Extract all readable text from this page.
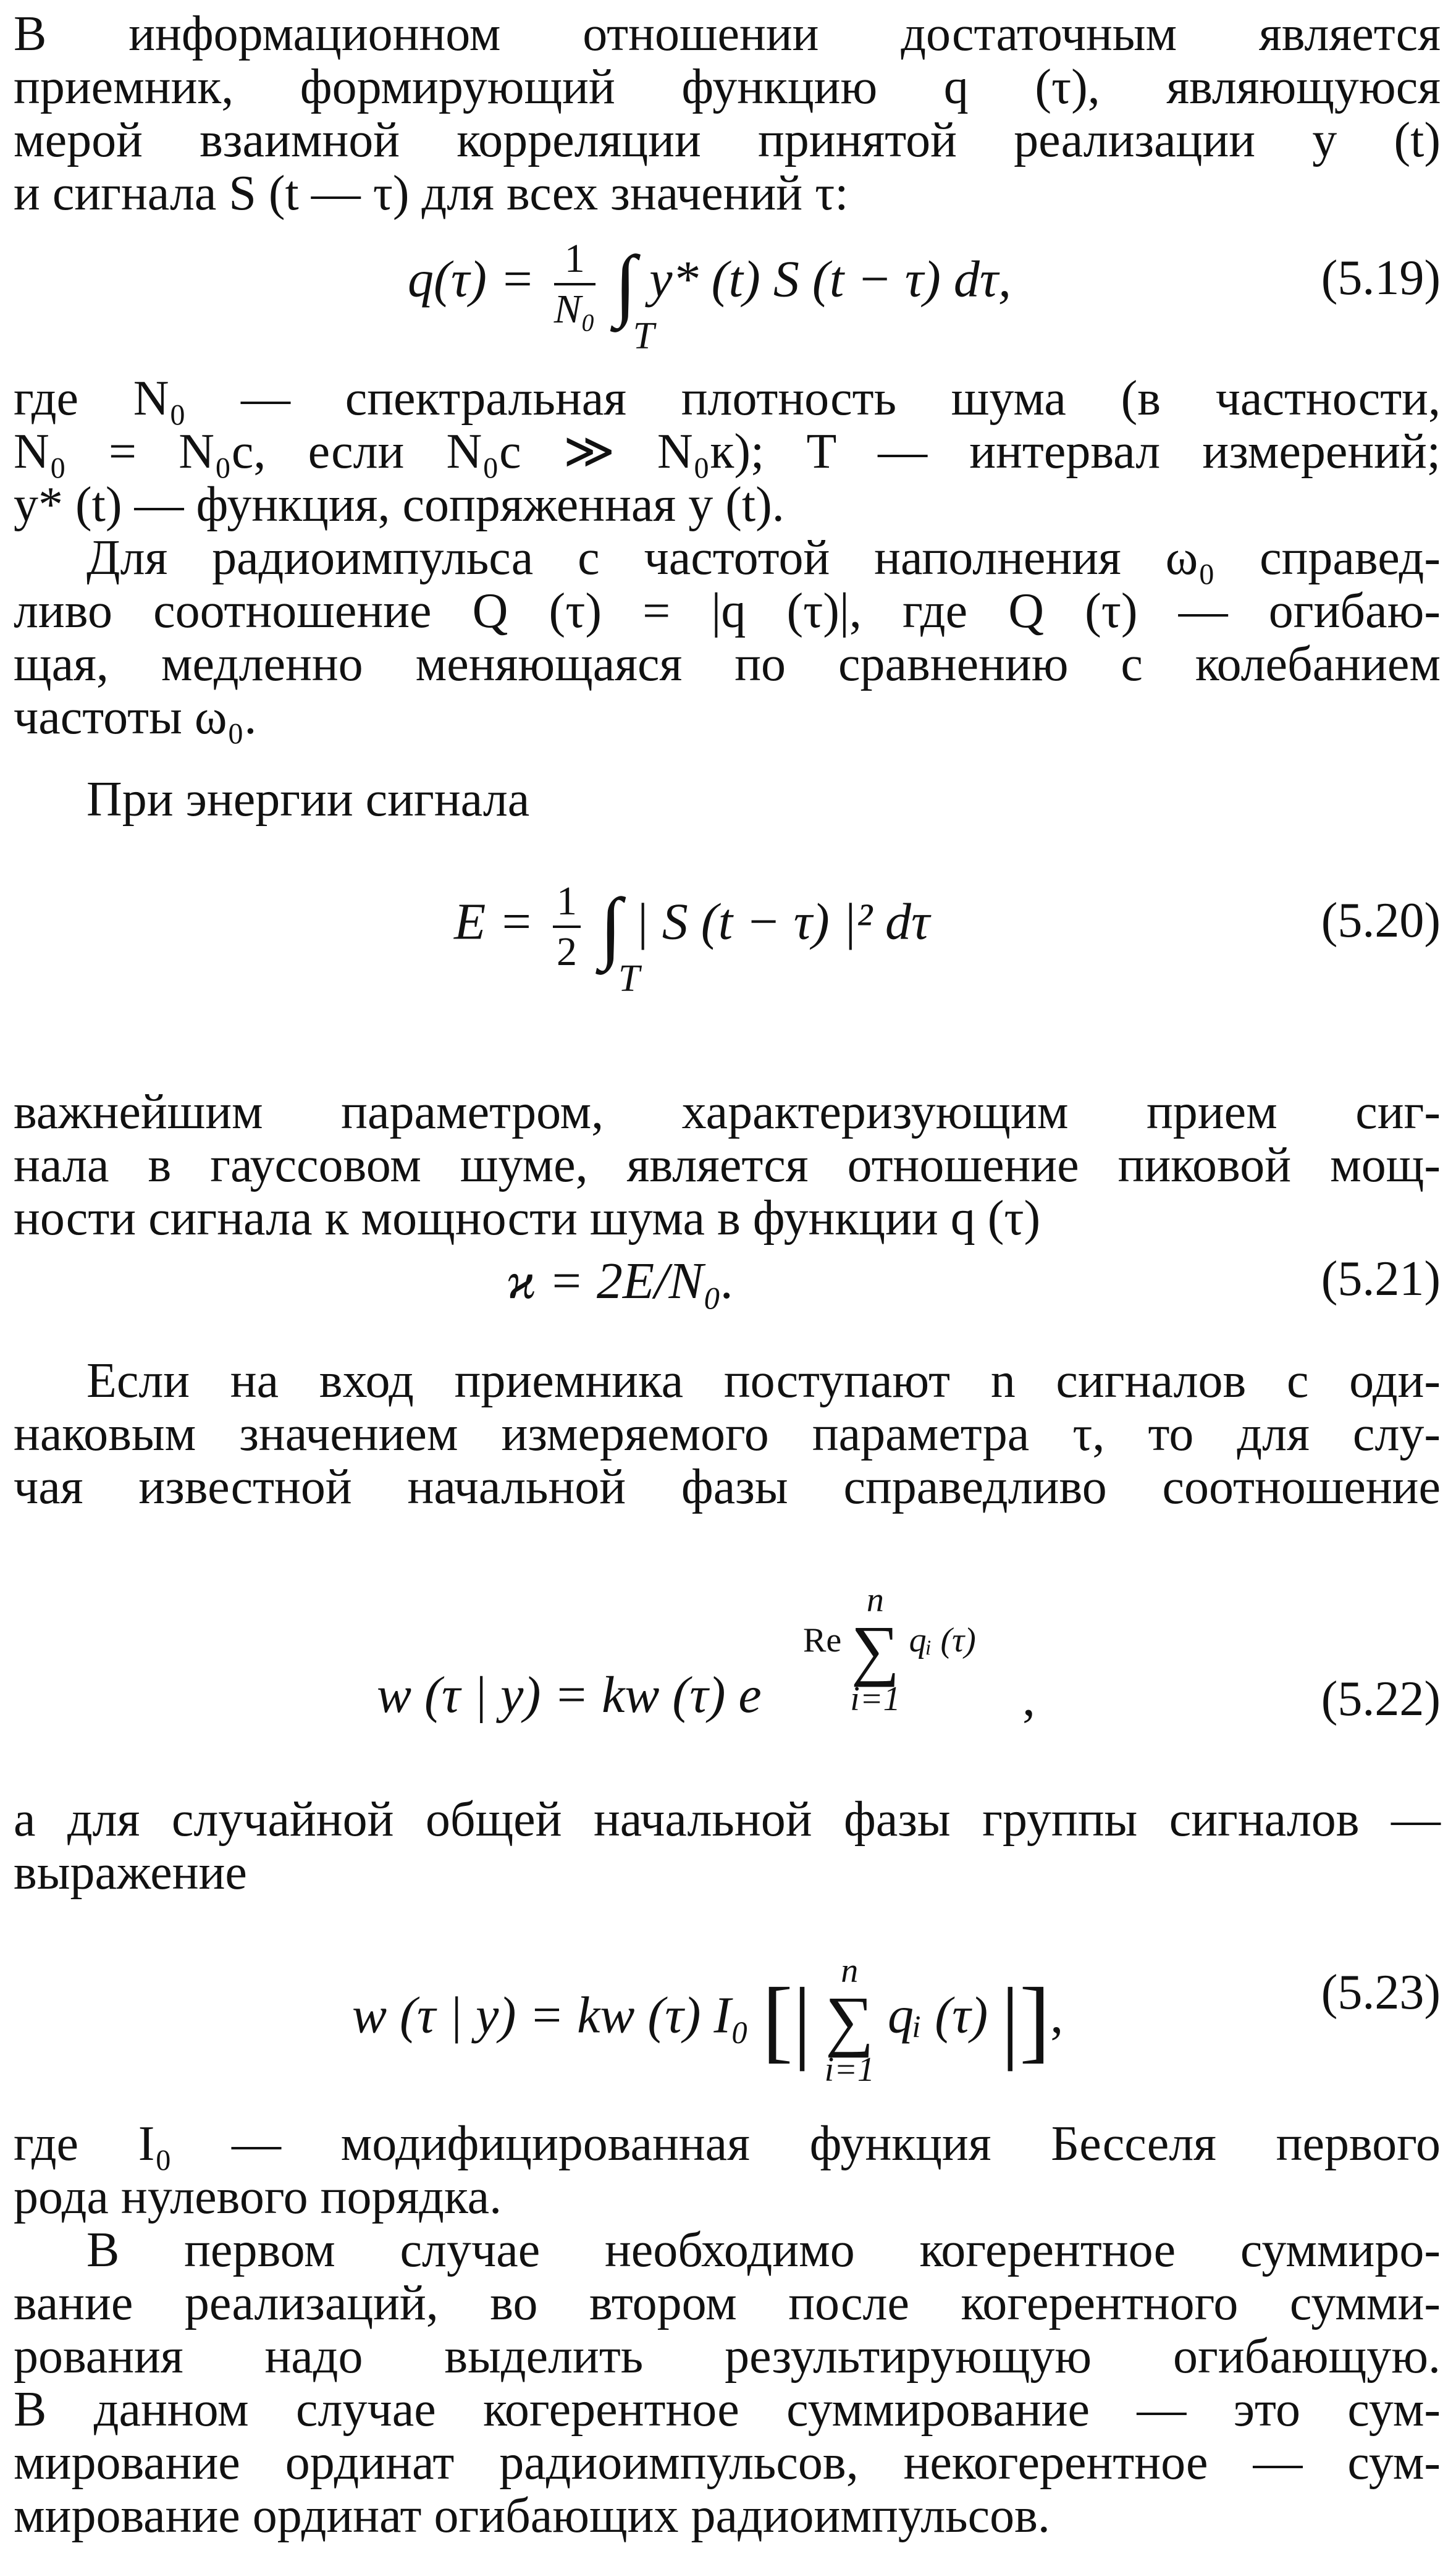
В информационном отношении достаточным является
приемник, формирующий функцию q (τ), являющуюся
мерой взаимной корреляции принятой реализации y (t)
и сигнала S (t — τ) для всех значений τ:
$q(\tau) = \frac{1}{\text{N₀}}$ ∫
T
y* (t) S (t − τ) dτ,	(5.19)
где N₀ — спектральная плотность шума (в частности,
N₀ = N₀с, если N₀с ≫ N₀к); T — интервал измерений;
y* (t) — функция, сопряженная y (t).
Для радиоимпульса с частотой наполнения ω₀ справед-
ливо соотношение Q (τ) = |q (τ)|, где Q (τ) — огибаю-
щая, медленно меняющаяся по сравнению с колебанием
частоты ω₀.
При энергии сигнала
$E = \frac{1}{2}$ ∫
T
| S (t − τ) |² dτ	(5.20)
важнейшим параметром, характеризующим прием сиг-
нала в гауссовом шуме, является отношение пиковой мощ-
ности сигнала к мощности шума в функции q (τ)
ϰ = 2E/N₀.	(5.21)
Если на вход приемника поступают n сигналов с оди-
наковым значением измеряемого параметра τ, то для слу-
чая известной начальной фазы справедливо соотношение
w (τ | y) = kw (τ) e
Re
n
∑
i=1
qᵢ (τ)
,	(5.22)
а для случайной общей начальной фазы группы сигналов —
выражение
w (τ | y) = kw (τ) I₀ [| n
∑
i=1
qᵢ (τ) |],	(5.23)
где I₀ — модифицированная функция Бесселя первого
рода нулевого порядка.
В первом случае необходимо когерентное суммиро-
вание реализаций, во втором после когерентного сумми-
рования надо выделить результирующую огибающую.
В данном случае когерентное суммирование — это сум-
мирование ординат радиоимпульсов, некогерентное — сум-
мирование ординат огибающих радиоимпульсов.
